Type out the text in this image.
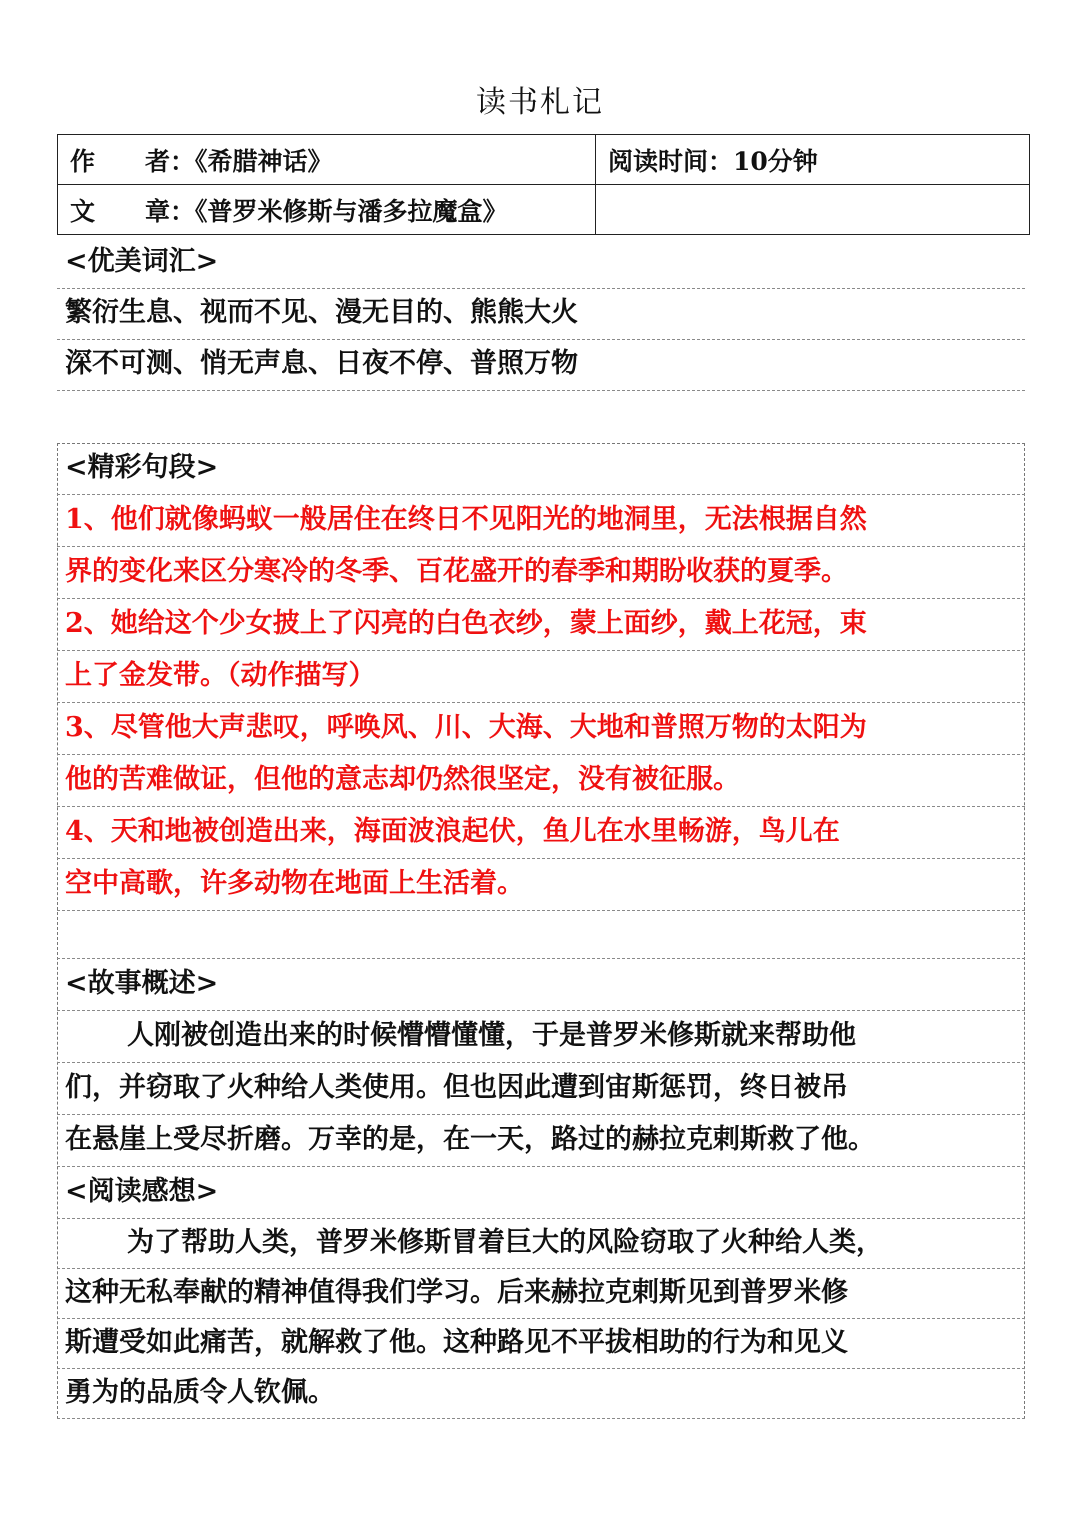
读书札记
作　　者：《希腊神话》	阅读时间：10分钟
文　　章：《普罗米修斯与潘多拉魔盒》	
<优美词汇>
繁衍生息、视而不见、漫无目的、熊熊大火
深不可测、悄无声息、日夜不停、普照万物
<精彩句段>
1、他们就像蚂蚁一般居住在终日不见阳光的地洞里，无法根据自然
界的变化来区分寒冷的冬季、百花盛开的春季和期盼收获的夏季。
2、她给这个少女披上了闪亮的白色衣纱，蒙上面纱，戴上花冠，束
上了金发带。（动作描写）
3、尽管他大声悲叹，呼唤风、川、大海、大地和普照万物的太阳为
他的苦难做证，但他的意志却仍然很坚定，没有被征服。
4、天和地被创造出来，海面波浪起伏，鱼儿在水里畅游，鸟儿在
空中高歌，许多动物在地面上生活着。
<故事概述>
人刚被创造出来的时候懵懵懂懂，于是普罗米修斯就来帮助他
们，并窃取了火种给人类使用。但也因此遭到宙斯惩罚，终日被吊
在悬崖上受尽折磨。万幸的是，在一天，路过的赫拉克剌斯救了他。
<阅读感想>
为了帮助人类，普罗米修斯冒着巨大的风险窃取了火种给人类，
这种无私奉献的精神值得我们学习。后来赫拉克剌斯见到普罗米修
斯遭受如此痛苦，就解救了他。这种路见不平拔相助的行为和见义
勇为的品质令人钦佩。
